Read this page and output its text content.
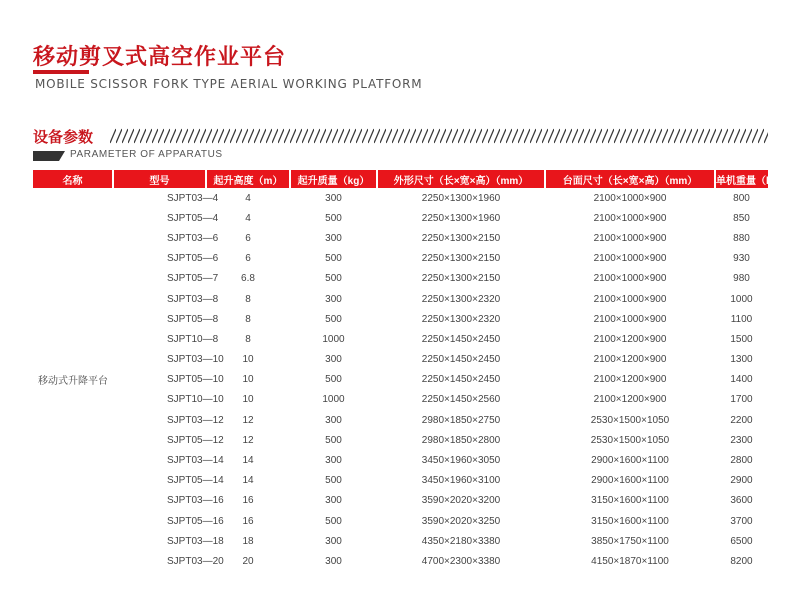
移动剪叉式高空作业平台
MOBILE SCISSOR FORK TYPE AERIAL WORKING PLATFORM
设备参数
PARAMETER OF APPARATUS
名称	型号	起升高度（m）	起升质量（kg）	外形尺寸（长×宽×高）（mm）	台面尺寸（长×宽×高）（mm）	单机重量（kg）
移动式升降平台	SJPT03—4	4	300	2250×1300×1960	2100×1000×900	800
	SJPT05—4	4	500	2250×1300×1960	2100×1000×900	850
	SJPT03—6	6	300	2250×1300×2150	2100×1000×900	880
	SJPT05—6	6	500	2250×1300×2150	2100×1000×900	930
	SJPT05—7	6.8	500	2250×1300×2150	2100×1000×900	980
	SJPT03—8	8	300	2250×1300×2320	2100×1000×900	1000
	SJPT05—8	8	500	2250×1300×2320	2100×1000×900	1100
	SJPT10—8	8	1000	2250×1450×2450	2100×1200×900	1500
	SJPT03—10	10	300	2250×1450×2450	2100×1200×900	1300
	SJPT05—10	10	500	2250×1450×2450	2100×1200×900	1400
	SJPT10—10	10	1000	2250×1450×2560	2100×1200×900	1700
	SJPT03—12	12	300	2980×1850×2750	2530×1500×1050	2200
	SJPT05—12	12	500	2980×1850×2800	2530×1500×1050	2300
	SJPT03—14	14	300	3450×1960×3050	2900×1600×1100	2800
	SJPT05—14	14	500	3450×1960×3100	2900×1600×1100	2900
	SJPT03—16	16	300	3590×2020×3200	3150×1600×1100	3600
	SJPT05—16	16	500	3590×2020×3250	3150×1600×1100	3700
	SJPT03—18	18	300	4350×2180×3380	3850×1750×1100	6500
	SJPT03—20	20	300	4700×2300×3380	4150×1870×1100	8200
